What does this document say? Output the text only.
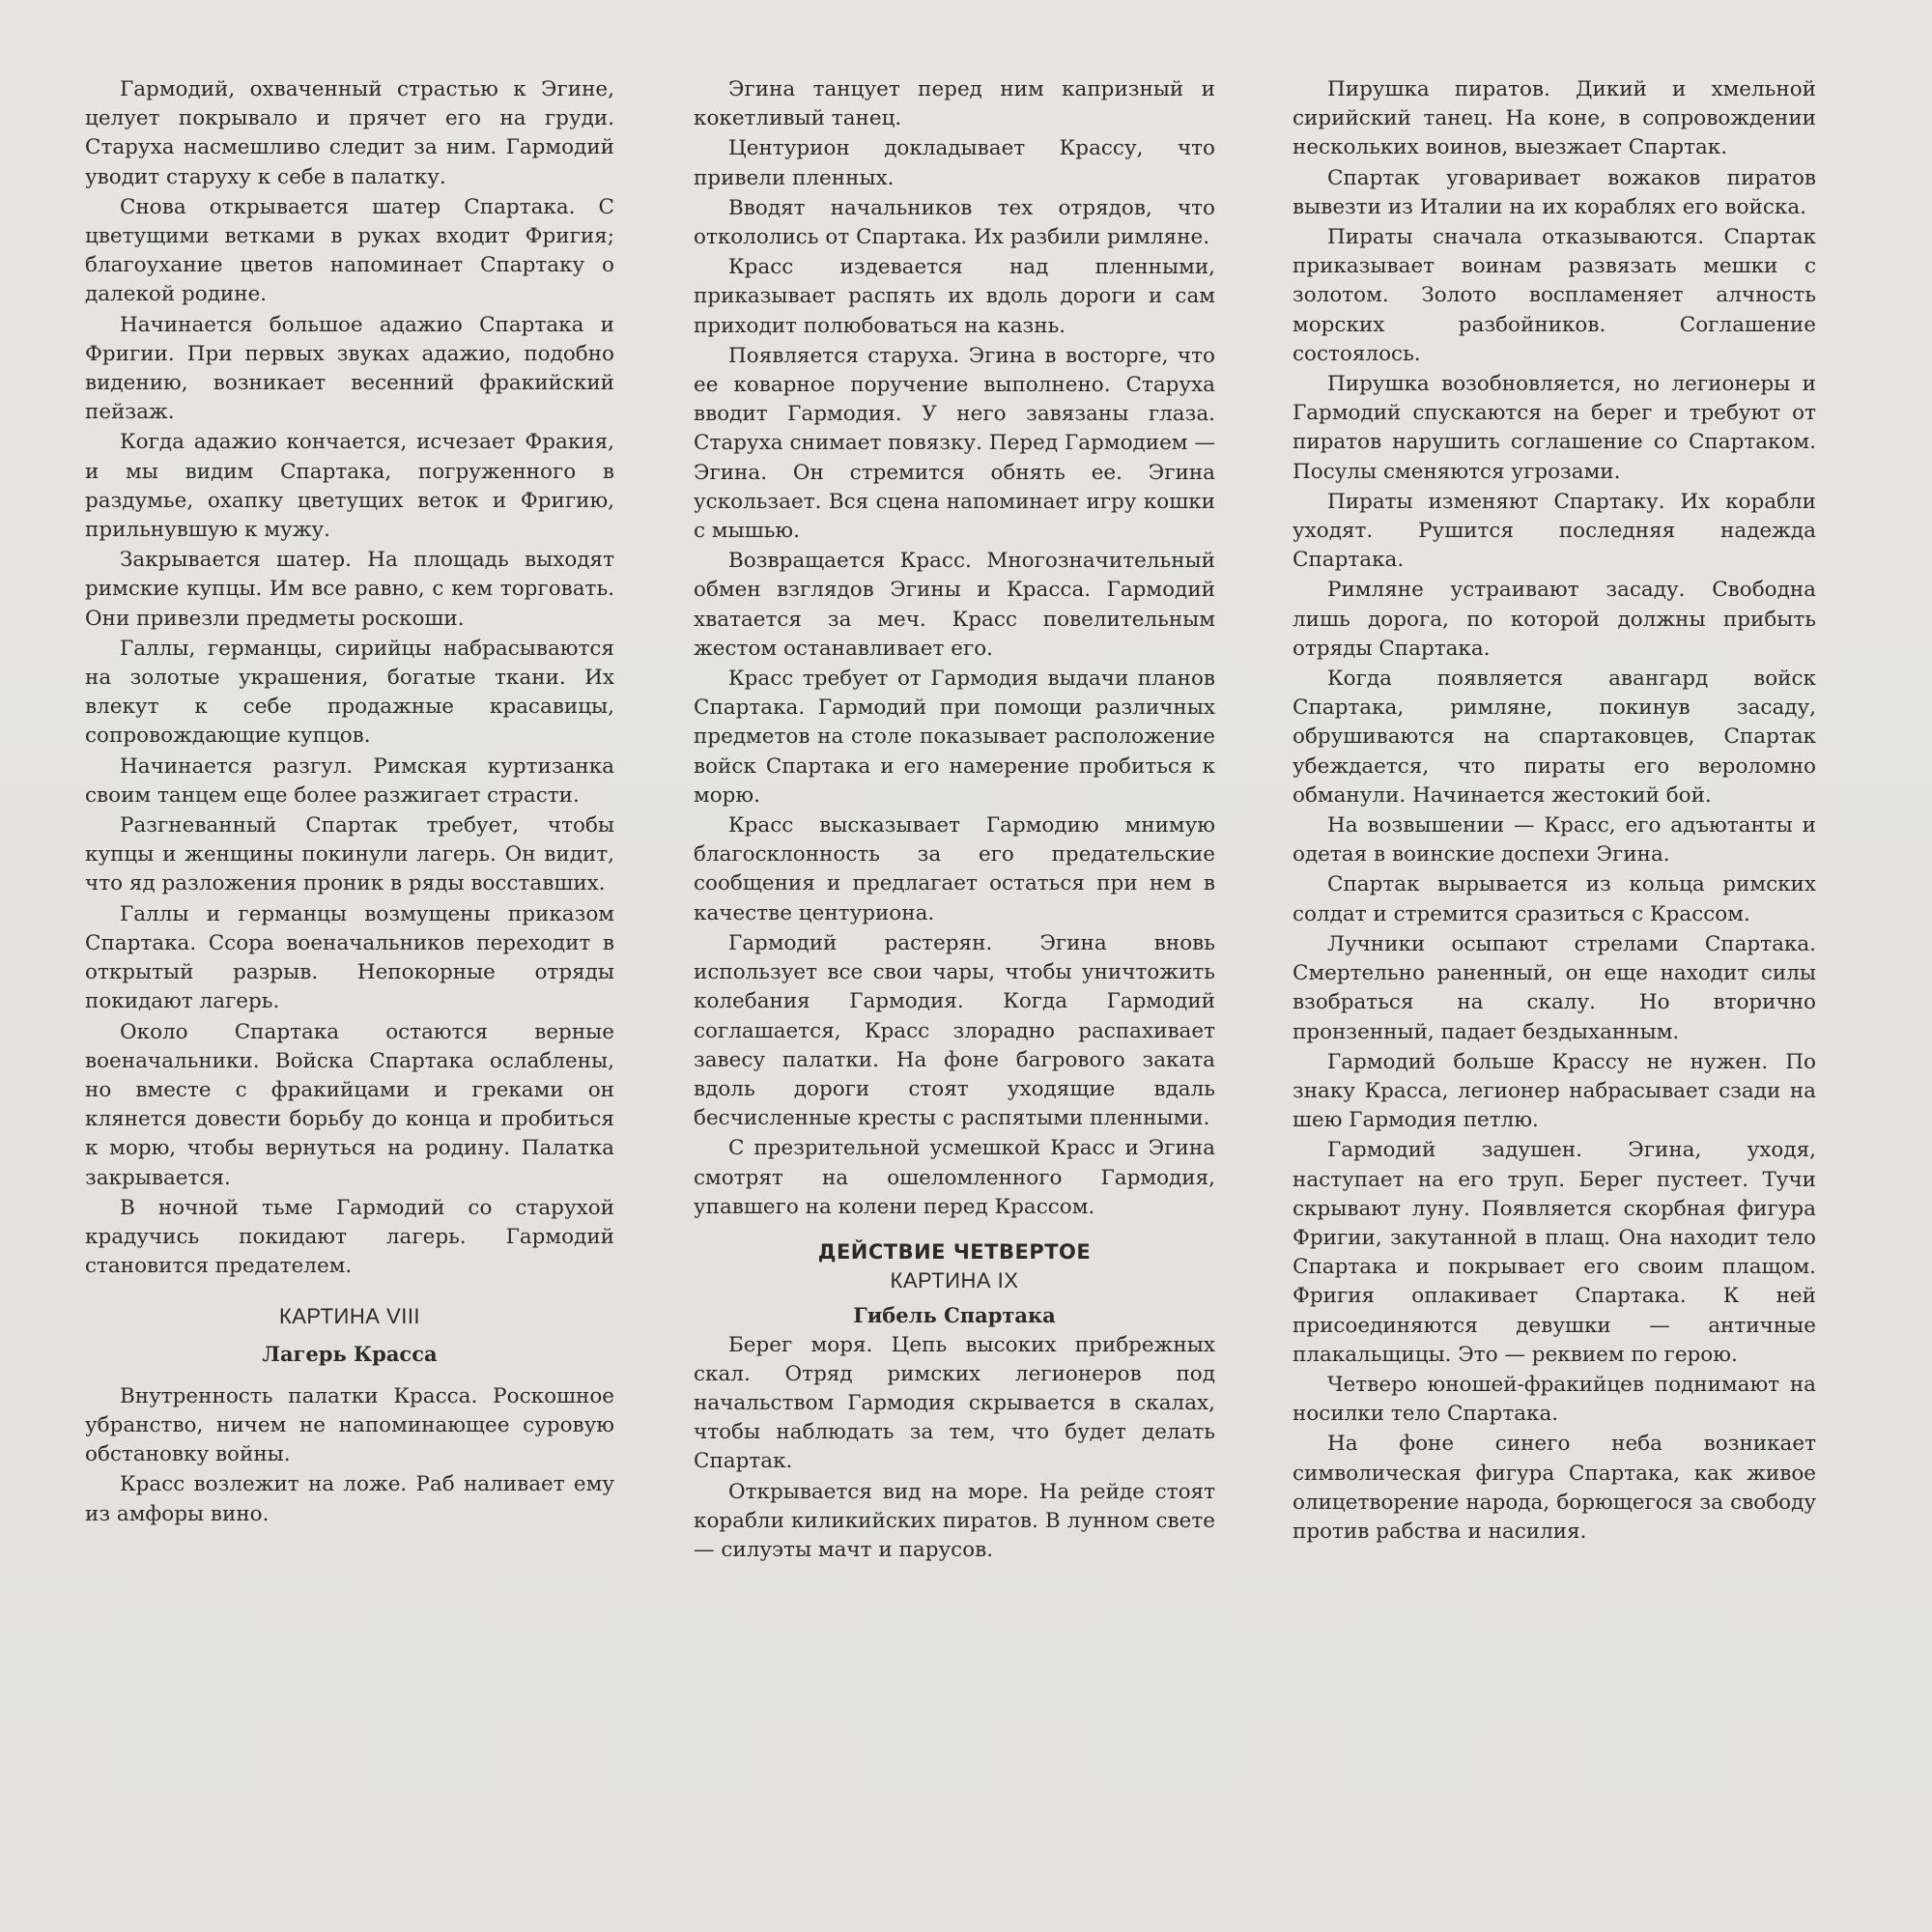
Гармодий, охваченный страстью к Эгине, целует покрывало и прячет его на груди. Старуха насмешливо следит за ним. Гармодий уводит старуху к себе в палатку.

Снова открывается шатер Спартака. С цветущими ветками в руках входит Фригия; благоухание цветов напоминает Спартаку о далекой родине.

Начинается большое адажио Спартака и Фригии. При первых звуках адажио, подобно видению, возникает весенний фракийский пейзаж.

Когда адажио кончается, исчезает Фракия, и мы видим Спартака, погруженного в раздумье, охапку цветущих веток и Фригию, прильнувшую к мужу.

Закрывается шатер. На площадь выходят римские купцы. Им все равно, с кем торговать. Они привезли предметы роскоши.

Галлы, германцы, сирийцы набрасываются на золотые украшения, богатые ткани. Их влекут к себе продажные красавицы, сопровождающие купцов.

Начинается разгул. Римская куртизанка своим танцем еще более разжигает страсти.

Разгневанный Спартак требует, чтобы купцы и женщины покинули лагерь. Он видит, что яд разложения проник в ряды восставших.

Галлы и германцы возмущены приказом Спартака. Ссора военачальников переходит в открытый разрыв. Непокорные отряды покидают лагерь.

Около Спартака остаются верные военачальники. Войска Спартака ослаблены, но вместе с фракийцами и греками он клянется довести борьбу до конца и пробиться к морю, чтобы вернуться на родину. Палатка закрывается.

В ночной тьме Гармодий со старухой крадучись покидают лагерь. Гармодий становится предателем.

КАРТИНА VIII
Лагерь Красса

Внутренность палатки Красса. Роскошное убранство, ничем не напоминающее суровую обстановку войны.

Красс возлежит на ложе. Раб наливает ему из амфоры вино.

Эгина танцует перед ним капризный и кокетливый танец.

Центурион докладывает Крассу, что привели пленных.

Вводят начальников тех отрядов, что откололись от Спартака. Их разбили римляне.

Красс издевается над пленными, приказывает распять их вдоль дороги и сам приходит полюбоваться на казнь.

Появляется старуха. Эгина в восторге, что ее коварное поручение выполнено. Старуха вводит Гармодия. У него завязаны глаза. Старуха снимает повязку. Перед Гармодием — Эгина. Он стремится обнять ее. Эгина ускользает. Вся сцена напоминает игру кошки с мышью.

Возвращается Красс. Многозначительный обмен взглядов Эгины и Красса. Гармодий хватается за меч. Красс повелительным жестом останавливает его.

Красс требует от Гармодия выдачи планов Спартака. Гармодий при помощи различных предметов на столе показывает расположение войск Спартака и его намерение пробиться к морю.

Красс высказывает Гармодию мнимую благосклонность за его предательские сообщения и предлагает остаться при нем в качестве центуриона.

Гармодий растерян. Эгина вновь использует все свои чары, чтобы уничтожить колебания Гармодия. Когда Гармодий соглашается, Красс злорадно распахивает завесу палатки. На фоне багрового заката вдоль дороги стоят уходящие вдаль бесчисленные кресты с распятыми пленными.

С презрительной усмешкой Красс и Эгина смотрят на ошеломленного Гармодия, упавшего на колени перед Крассом.

ДЕЙСТВИЕ ЧЕТВЕРТОЕ
КАРТИНА IX
Гибель Спартака

Берег моря. Цепь высоких прибрежных скал. Отряд римских легионеров под начальством Гармодия скрывается в скалах, чтобы наблюдать за тем, что будет делать Спартак.

Открывается вид на море. На рейде стоят корабли киликийских пиратов. В лунном свете — силуэты мачт и парусов.

Пирушка пиратов. Дикий и хмельной сирийский танец. На коне, в сопровождении нескольких воинов, выезжает Спартак.

Спартак уговаривает вожаков пиратов вывезти из Италии на их кораблях его войска.

Пираты сначала отказываются. Спартак приказывает воинам развязать мешки с золотом. Золото воспламеняет алчность морских разбойников. Соглашение состоялось.

Пирушка возобновляется, но легионеры и Гармодий спускаются на берег и требуют от пиратов нарушить соглашение со Спартаком. Посулы сменяются угрозами.

Пираты изменяют Спартаку. Их корабли уходят. Рушится последняя надежда Спартака.

Римляне устраивают засаду. Свободна лишь дорога, по которой должны прибыть отряды Спартака.

Когда появляется авангард войск Спартака, римляне, покинув засаду, обрушиваются на спартаковцев, Спартак убеждается, что пираты его вероломно обманули. Начинается жестокий бой.

На возвышении — Красс, его адъютанты и одетая в воинские доспехи Эгина.

Спартак вырывается из кольца римских солдат и стремится сразиться с Крассом.

Лучники осыпают стрелами Спартака. Смертельно раненный, он еще находит силы взобраться на скалу. Но вторично пронзенный, падает бездыханным.

Гармодий больше Крассу не нужен. По знаку Красса, легионер набрасывает сзади на шею Гармодия петлю.

Гармодий задушен. Эгина, уходя, наступает на его труп. Берег пустеет. Тучи скрывают луну. Появляется скорбная фигура Фригии, закутанной в плащ. Она находит тело Спартака и покрывает его своим плащом. Фригия оплакивает Спартака. К ней присоединяются девушки — античные плакальщицы. Это — реквием по герою.

Четверо юношей-фракийцев поднимают на носилки тело Спартака.

На фоне синего неба возникает символическая фигура Спартака, как живое олицетворение народа, борющегося за свободу против рабства и насилия.
